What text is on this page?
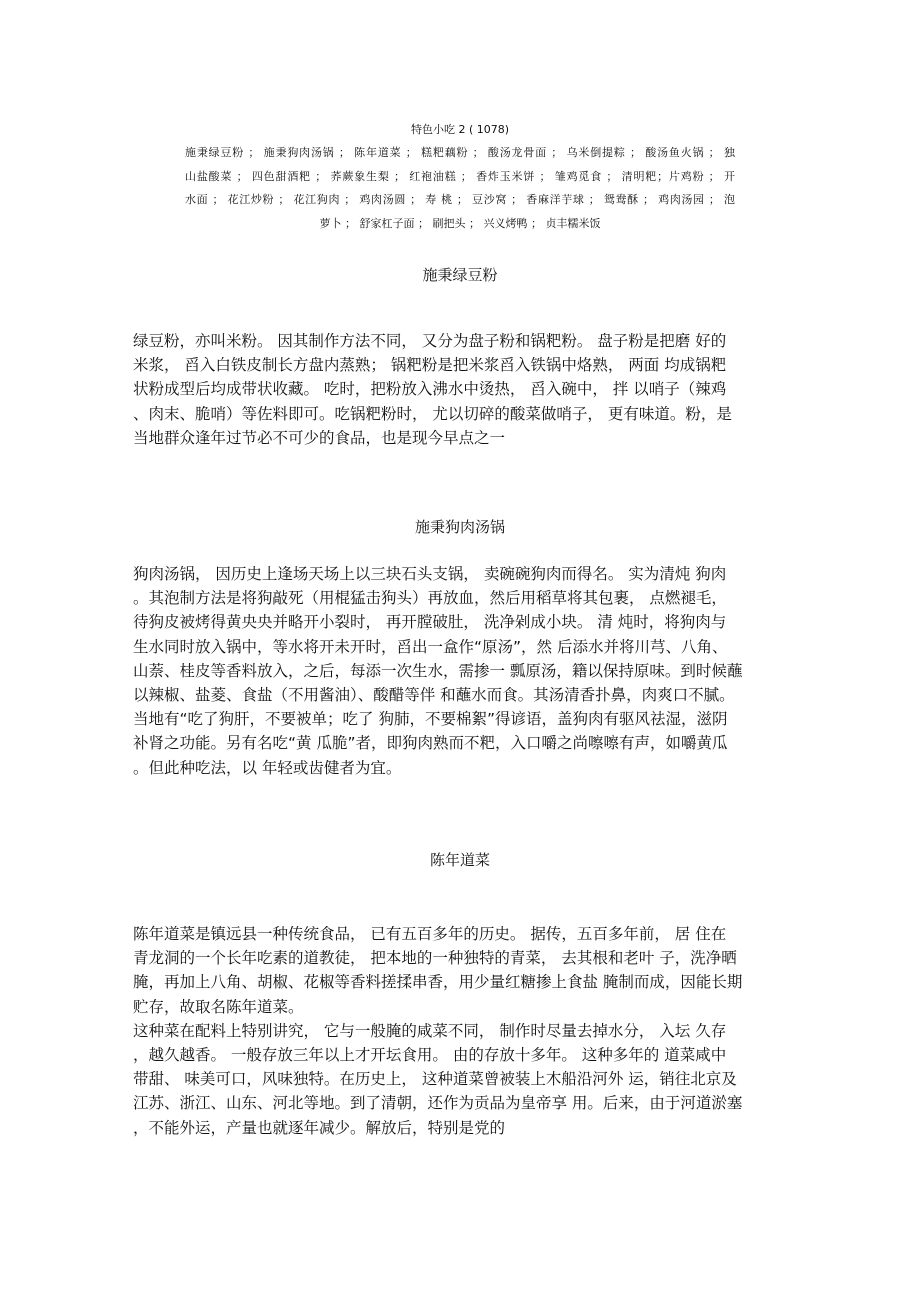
特色小吃 2 ( 1078)
施秉绿豆粉 ； 施秉狗肉汤锅 ； 陈年道菜 ； 糕粑藕粉 ； 酸汤龙骨面 ； 乌米倒提粽 ； 酸汤鱼火锅 ； 独
山盐酸菜 ； 四色甜酒粑 ； 荞蕨象生梨 ； 红袍油糕 ； 香炸玉米饼 ； 雏鸡觅食 ； 清明粑；片鸡粉 ； 开
水面 ； 花江炒粉 ； 花江狗肉 ； 鸡肉汤圆 ； 寿 桃 ； 豆沙窝 ； 香麻洋芋球 ； 鸳鸯酥 ； 鸡肉汤园 ； 泡
萝卜 ； 舒家杠子面 ； 刷把头 ； 兴义烤鸭 ； 贞丰糯米饭
施秉绿豆粉
绿豆粉，亦叫米粉。 因其制作方法不同， 又分为盘子粉和锅粑粉。 盘子粉是把磨 好的
米浆， 舀入白铁皮制长方盘内蒸熟； 锅粑粉是把米浆舀入铁锅中烙熟， 两面 均成锅粑
状粉成型后均成带状收藏。 吃时，把粉放入沸水中烫热， 舀入碗中， 拌 以哨子（辣鸡
、肉末、脆哨）等佐料即可。吃锅粑粉时， 尤以切碎的酸菜做哨子， 更有味道。粉，是
当地群众逢年过节必不可少的食品，也是现今早点之一
施秉狗肉汤锅
狗肉汤锅， 因历史上逢场天场上以三块石头支锅， 卖碗碗狗肉而得名。 实为清炖 狗肉
。其泡制方法是将狗敲死（用棍猛击狗头）再放血，然后用稻草将其包裹， 点燃褪毛，
待狗皮被烤得黄央央并略开小裂时， 再开膛破肚， 洗净剁成小块。 清 炖时，将狗肉与
生水同时放入锅中，等水将开未开时，舀出一盒作“原汤”，然 后添水并将川芎、八角、
山萘、桂皮等香料放入，之后，每添一次生水，需掺一 瓢原汤，籍以保持原味。到时候蘸
以辣椒、盐菱、食盐（不用酱油）、酸醋等伴 和蘸水而食。其汤清香扑鼻，肉爽口不腻。
当地有“吃了狗肝，不要被单；吃了 狗肺，不要棉絮”得谚语，盖狗肉有驱风祛湿，滋阴
补肾之功能。另有名吃“黄 瓜脆”者，即狗肉熟而不粑，入口嚼之尚嚓嚓有声，如嚼黄瓜
。但此种吃法，以 年轻或齿健者为宜。
陈年道菜
陈年道菜是镇远县一种传统食品， 已有五百多年的历史。 据传，五百多年前， 居 住在
青龙洞的一个长年吃素的道教徒， 把本地的一种独特的青菜， 去其根和老叶 子，洗净晒
腌，再加上八角、胡椒、花椒等香料搓揉串香，用少量红糖掺上食盐 腌制而成，因能长期
贮存，故取名陈年道菜。
这种菜在配料上特别讲究， 它与一般腌的咸菜不同， 制作时尽量去掉水分， 入坛 久存
，越久越香。 一般存放三年以上才开坛食用。 由的存放十多年。 这种多年的 道菜咸中
带甜、 味美可口，风味独特。在历史上， 这种道菜曾被装上木船沿河外 运，销往北京及
江苏、浙江、山东、河北等地。到了清朝，还作为贡品为皇帝享 用。后来，由于河道淤塞
，不能外运，产量也就逐年减少。解放后，特别是党的
